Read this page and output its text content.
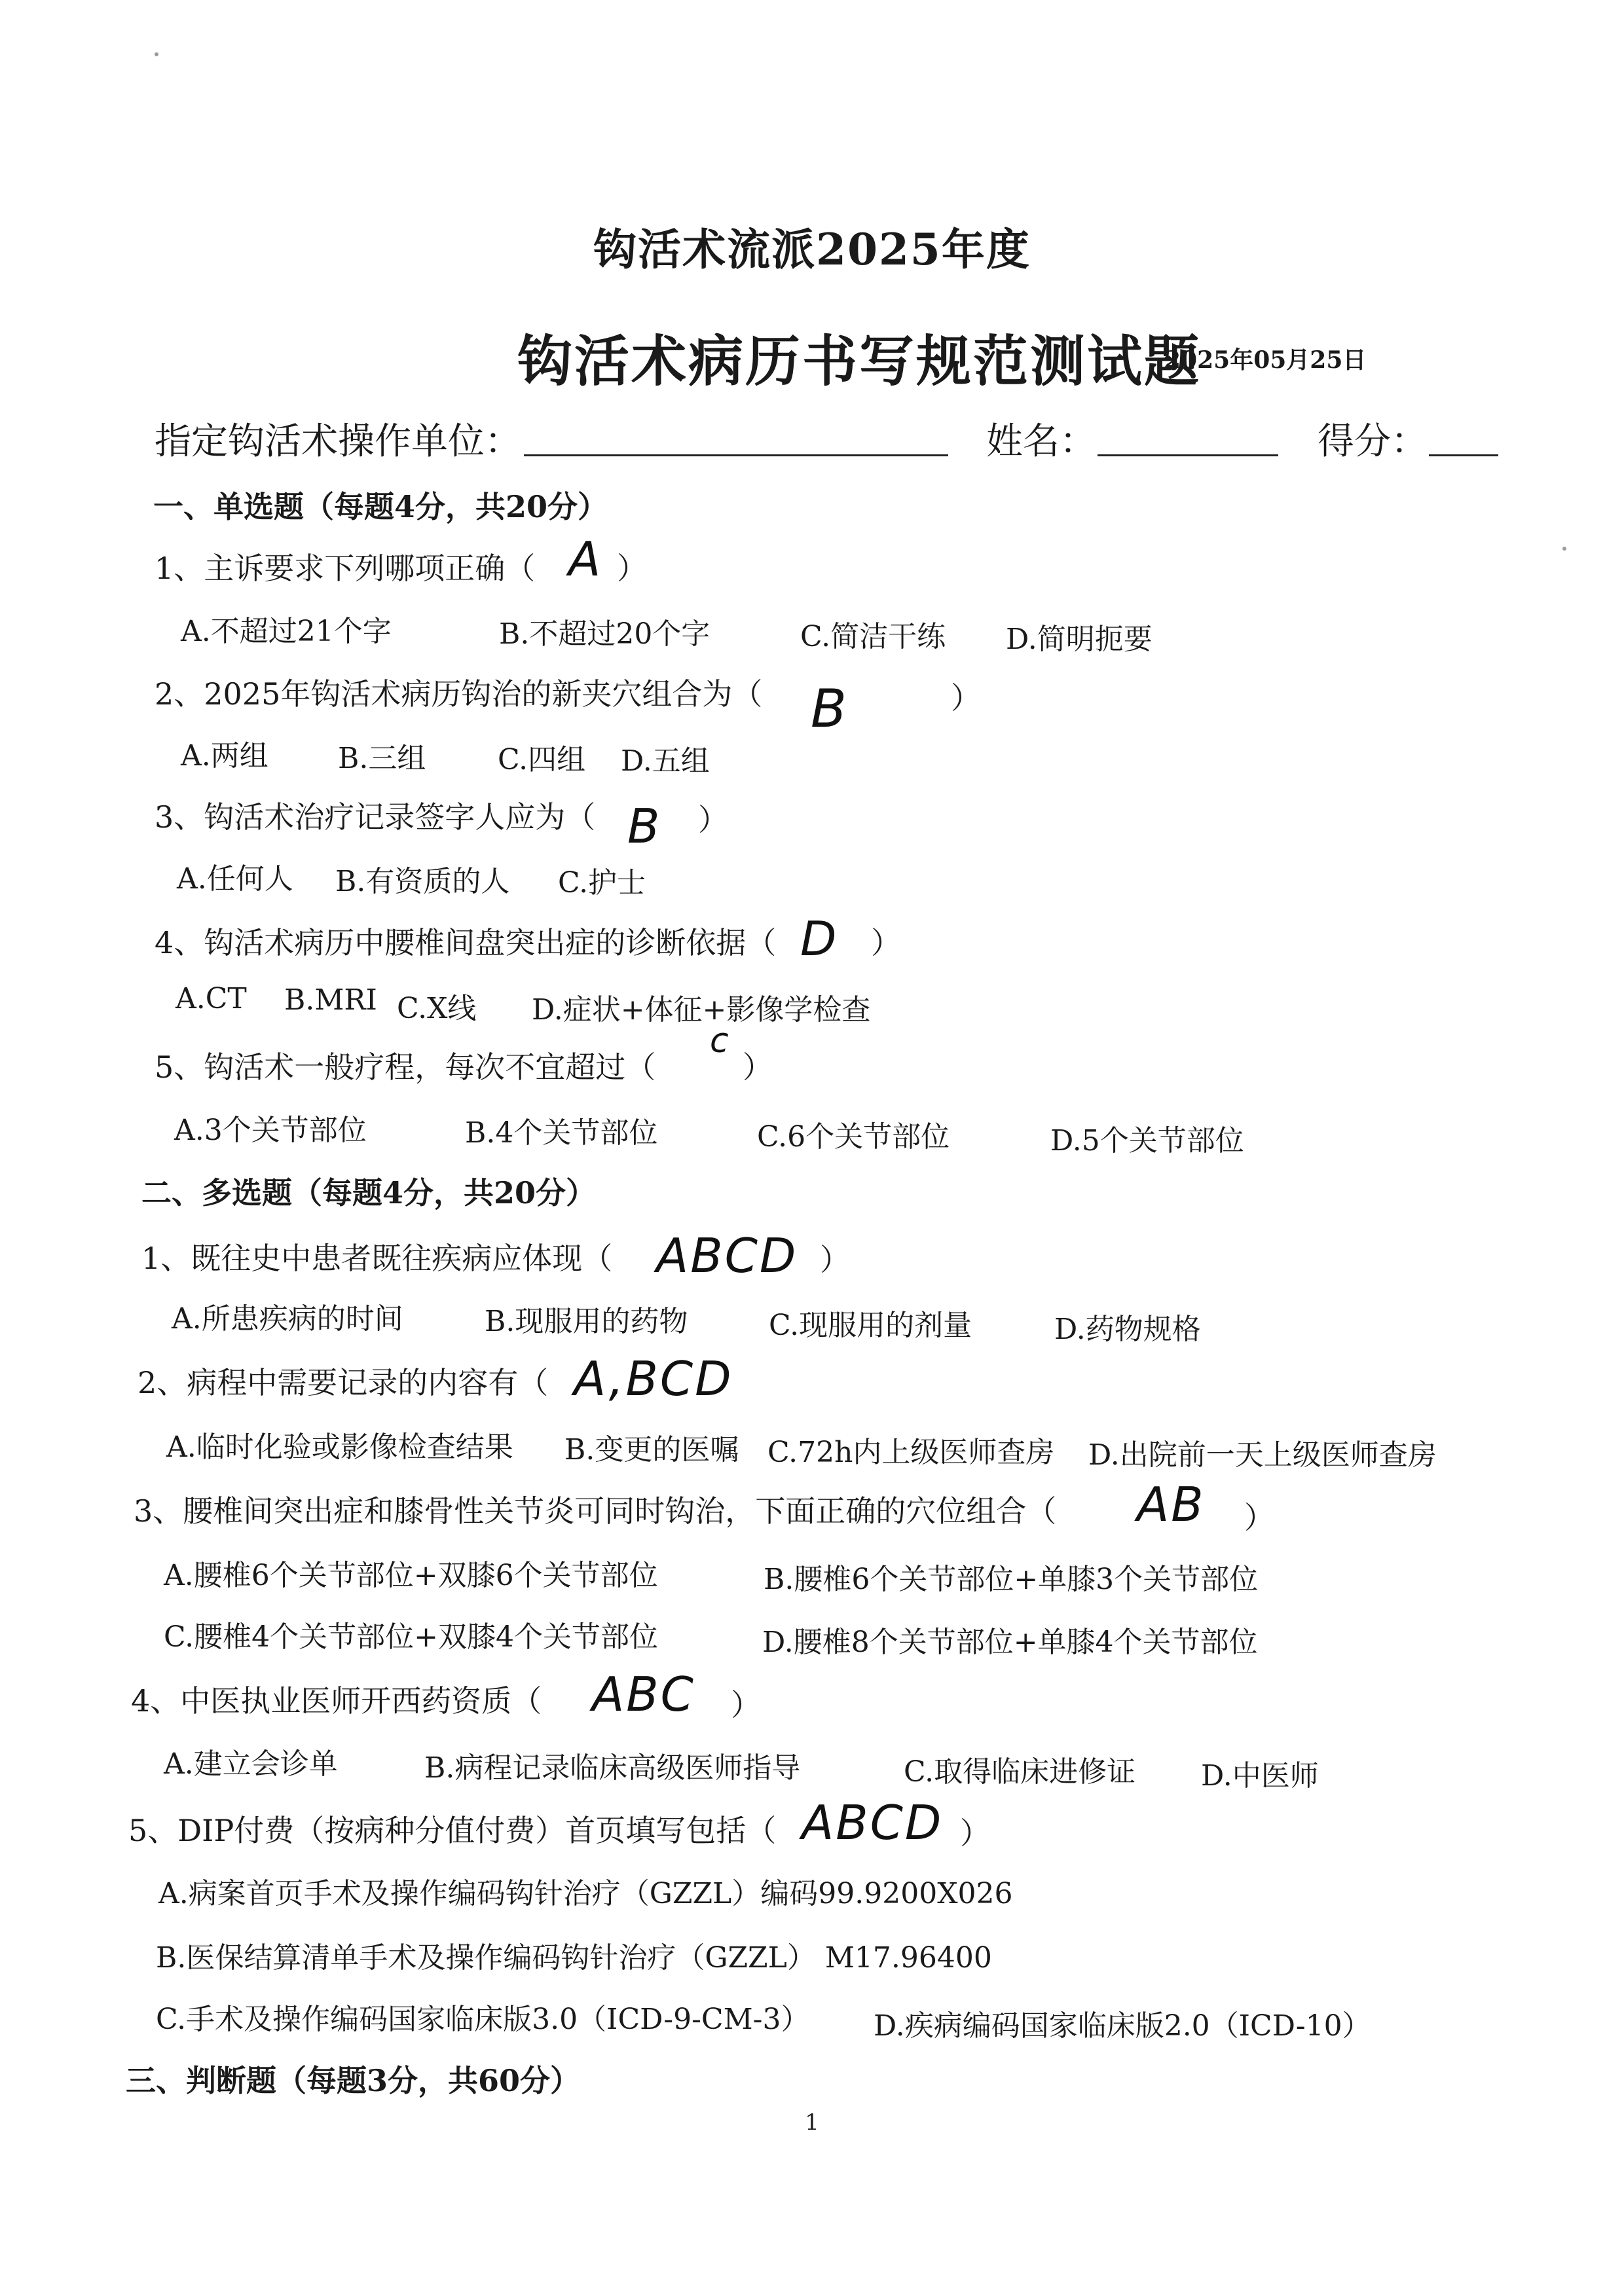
钩活术流派2025年度
钩活术病历书写规范测试题
2025年05月25日
指定钩活术操作单位：	姓名：	得分：
一、单选题（每题4分，共20分）
1、主诉要求下列哪项正确（ A ）
A.不超过21个字	B.不超过20个字	C.简洁干练 D.简明扼要
2、2025年钩活术病历钩治的新夹穴组合为（ B	）
A.两组 B.三组 C.四组 D.五组
3、钩活术治疗记录签字人应为（ B ）
A.任何人 B.有资质的人 C.护士
4、钩活术病历中腰椎间盘突出症的诊断依据（ D ）
A.CT B.MRI C.X线 D.症状+体征+影像学检查
5、钩活术一般疗程，每次不宜超过（
c
）
A.3个关节部位	B.4个关节部位	C.6个关节部位	D.5个关节部位
二、多选题（每题4分，共20分）
1、既往史中患者既往疾病应体现（ ABCD ）
A.所患疾病的时间	B.现服用的药物	C.现服用的剂量	D.药物规格
2、病程中需要记录的内容有（ A,BCD
A.临时化验或影像检查结果 B.变更的医嘱 C.72h内上级医师查房 D.出院前一天上级医师查房
3、腰椎间突出症和膝骨性关节炎可同时钩治，下面正确的穴位组合（ AB ）
A.腰椎6个关节部位+双膝6个关节部位	B.腰椎6个关节部位+单膝3个关节部位
C.腰椎4个关节部位+双膝4个关节部位	D.腰椎8个关节部位+单膝4个关节部位
4、中医执业医师开西药资质（ ABC ）
A.建立会诊单	B.病程记录临床高级医师指导	C.取得临床进修证 D.中医师
5、DIP付费（按病种分值付费）首页填写包括（ ABCD ）
A.病案首页手术及操作编码钩针治疗（GZZL）编码99.9200X026
B.医保结算清单手术及操作编码钩针治疗（GZZL） M17.96400
C.手术及操作编码国家临床版3.0（ICD-9-CM-3） D.疾病编码国家临床版2.0（ICD-10）
三、判断题（每题3分，共60分）
1
